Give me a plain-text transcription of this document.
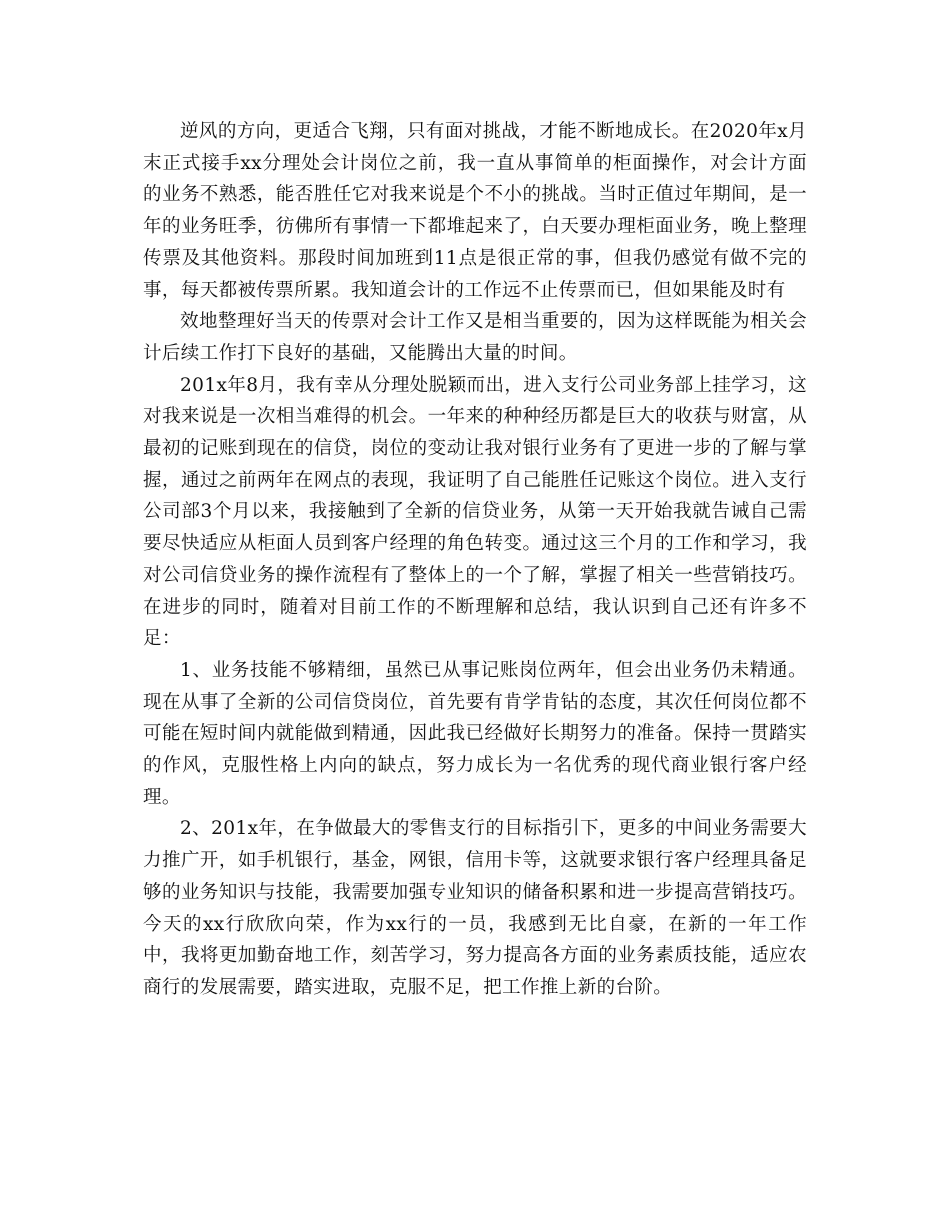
逆风的方向，更适合飞翔，只有面对挑战，才能不断地成长。在2020年x月末正式接手xx分理处会计岗位之前，我一直从事简单的柜面操作，对会计方面的业务不熟悉，能否胜任它对我来说是个不小的挑战。当时正值过年期间，是一年的业务旺季，彷佛所有事情一下都堆起来了，白天要办理柜面业务，晚上整理传票及其他资料。那段时间加班到11点是很正常的事，但我仍感觉有做不完的事，每天都被传票所累。我知道会计的工作远不止传票而已，但如果能及时有

效地整理好当天的传票对会计工作又是相当重要的，因为这样既能为相关会计后续工作打下良好的基础，又能腾出大量的时间。

201x年8月，我有幸从分理处脱颖而出，进入支行公司业务部上挂学习，这对我来说是一次相当难得的机会。一年来的种种经历都是巨大的收获与财富，从最初的记账到现在的信贷，岗位的变动让我对银行业务有了更进一步的了解与掌握，通过之前两年在网点的表现，我证明了自己能胜任记账这个岗位。进入支行公司部3个月以来，我接触到了全新的信贷业务，从第一天开始我就告诫自己需要尽快适应从柜面人员到客户经理的角色转变。通过这三个月的工作和学习，我对公司信贷业务的操作流程有了整体上的一个了解，掌握了相关一些营销技巧。在进步的同时，随着对目前工作的不断理解和总结，我认识到自己还有许多不足：

1、业务技能不够精细，虽然已从事记账岗位两年，但会出业务仍未精通。现在从事了全新的公司信贷岗位，首先要有肯学肯钻的态度，其次任何岗位都不可能在短时间内就能做到精通，因此我已经做好长期努力的准备。保持一贯踏实的作风，克服性格上内向的缺点，努力成长为一名优秀的现代商业银行客户经理。

2、201x年，在争做最大的零售支行的目标指引下，更多的中间业务需要大力推广开，如手机银行，基金，网银，信用卡等，这就要求银行客户经理具备足够的业务知识与技能，我需要加强专业知识的储备积累和进一步提高营销技巧。今天的xx行欣欣向荣，作为xx行的一员，我感到无比自豪，在新的一年工作中，我将更加勤奋地工作，刻苦学习，努力提高各方面的业务素质技能，适应农商行的发展需要，踏实进取，克服不足，把工作推上新的台阶。
